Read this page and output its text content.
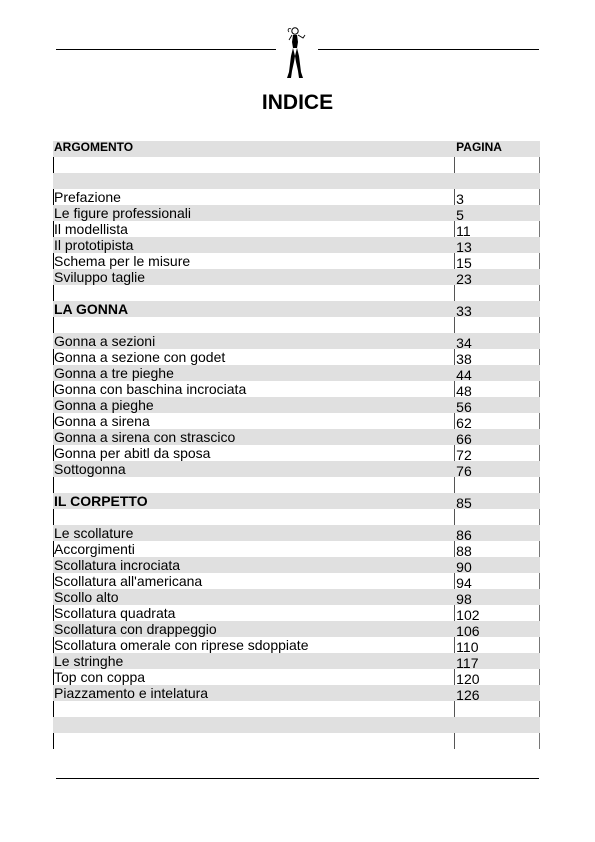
INDICE
ARGOMENTO	PAGINA
Prefazione	3
Le figure professionali	5
Il modellista	11
Il prototipista	13
Schema per le misure	15
Sviluppo taglie	23
LA GONNA	33
Gonna a sezioni	34
Gonna a sezione con godet	38
Gonna a tre pieghe	44
Gonna con baschina incrociata	48
Gonna a pieghe	56
Gonna a sirena	62
Gonna a sirena con strascico	66
Gonna per abitl da sposa	72
Sottogonna	76
IL CORPETTO	85
Le scollature	86
Accorgimenti	88
Scollatura incrociata	90
Scollatura all'americana	94
Scollo alto	98
Scollatura quadrata	102
Scollatura con drappeggio	106
Scollatura omerale con riprese sdoppiate	110
Le stringhe	117
Top con coppa	120
Piazzamento e intelatura	126
